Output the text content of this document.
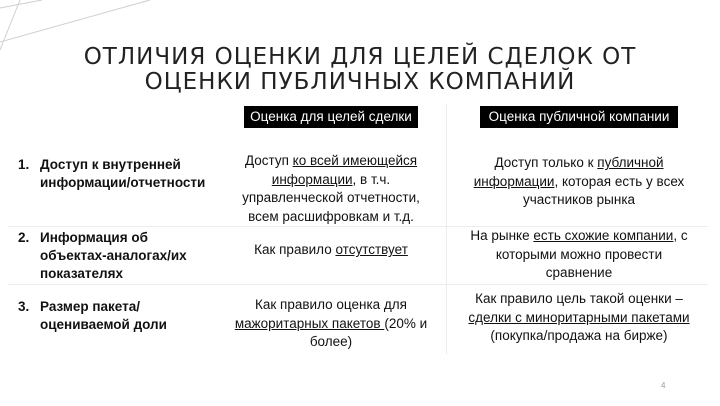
ОТЛИЧИЯ ОЦЕНКИ ДЛЯ ЦЕЛЕЙ СДЕЛОК ОТ
ОЦЕНКИ ПУБЛИЧНЫХ КОМПАНИЙ
Оценка для целей сделки	Оценка публичной компании
1. Доступ к внутренней информации/отчетности
Доступ ко всей имеющейся информации, в т.ч. управленческой отчетности, всем расшифровкам и т.д.
Доступ только к публичной информации, которая есть у всех участников рынка
2. Информация об объектах-аналогах/их показателях
Как правило отсутствует
На рынке есть схожие компании, с которыми можно провести сравнение
3. Размер пакета/оцениваемой доли
Как правило оценка для мажоритарных пакетов (20% и более)
Как правило цель такой оценки – сделки с миноритарными пакетами (покупка/продажа на бирже)
4
